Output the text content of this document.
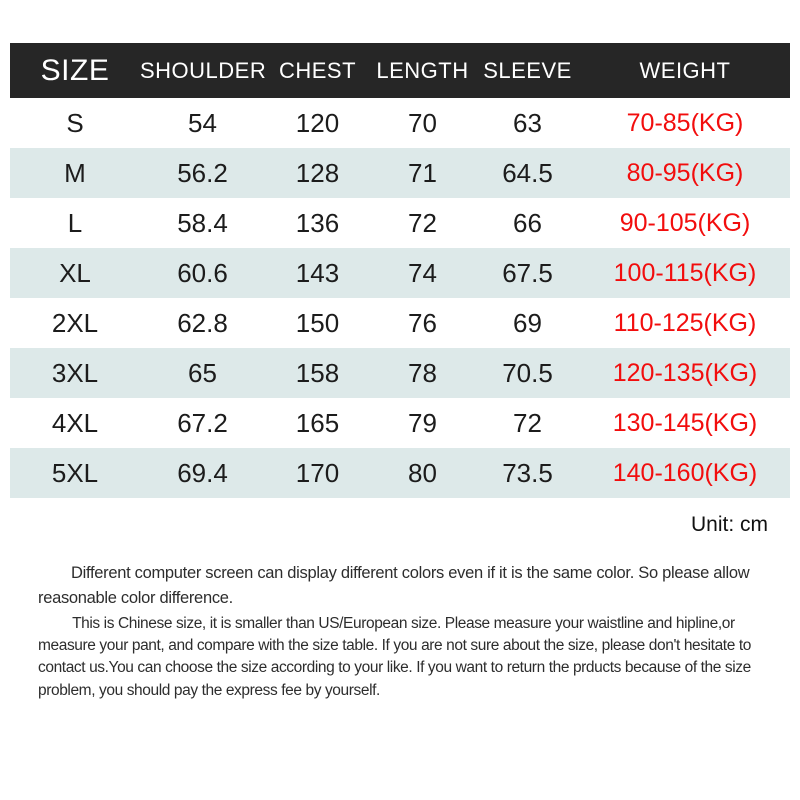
SIZE	SHOULDER	CHEST	LENGTH	SLEEVE	WEIGHT
S	54	120	70	63	70-85(KG)
M	56.2	128	71	64.5	80-95(KG)
L	58.4	136	72	66	90-105(KG)
XL	60.6	143	74	67.5	100-115(KG)
2XL	62.8	150	76	69	110-125(KG)
3XL	65	158	78	70.5	120-135(KG)
4XL	67.2	165	79	72	130-145(KG)
5XL	69.4	170	80	73.5	140-160(KG)
Unit: cm

Different computer screen can display different colors even if it is the same color. So please allow reasonable color difference.

This is Chinese size, it is smaller than US/European size. Please measure your waistline and hipline,or measure your pant, and compare with the size table. If you are not sure about the size, please don't hesitate to contact us.You can choose the size according to your like. If you want to return the prducts because of the size problem, you should pay the express fee by yourself.
